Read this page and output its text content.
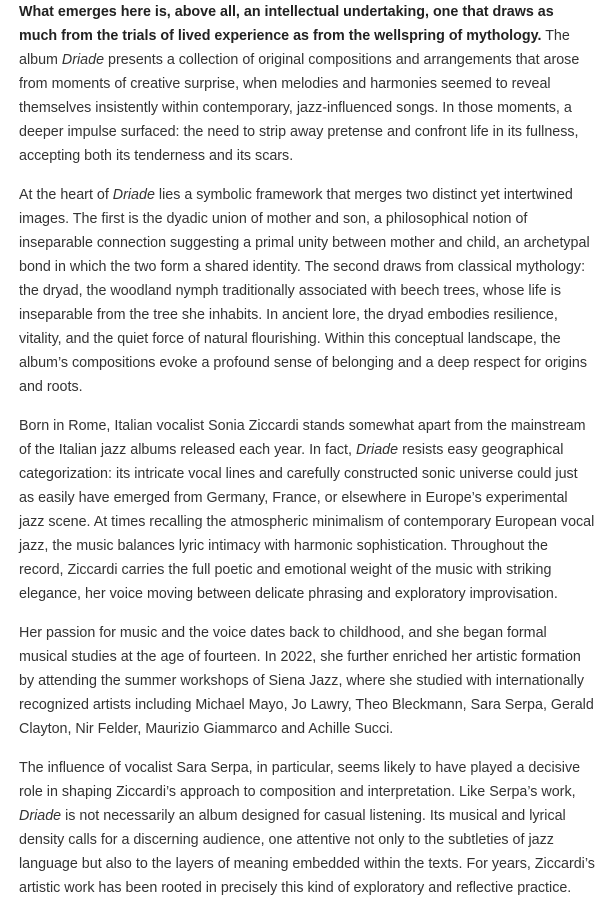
What emerges here is, above all, an intellectual undertaking, one that draws as much from the trials of lived experience as from the wellspring of mythology. The album Driade presents a collection of original compositions and arrangements that arose from moments of creative surprise, when melodies and harmonies seemed to reveal themselves insistently within contemporary, jazz-influenced songs. In those moments, a deeper impulse surfaced: the need to strip away pretense and confront life in its fullness, accepting both its tenderness and its scars.

At the heart of Driade lies a symbolic framework that merges two distinct yet intertwined images. The first is the dyadic union of mother and son, a philosophical notion of inseparable connection suggesting a primal unity between mother and child, an archetypal bond in which the two form a shared identity. The second draws from classical mythology: the dryad, the woodland nymph traditionally associated with beech trees, whose life is inseparable from the tree she inhabits. In ancient lore, the dryad embodies resilience, vitality, and the quiet force of natural flourishing. Within this conceptual landscape, the album’s compositions evoke a profound sense of belonging and a deep respect for origins and roots.

Born in Rome, Italian vocalist Sonia Ziccardi stands somewhat apart from the mainstream of the Italian jazz albums released each year. In fact, Driade resists easy geographical categorization: its intricate vocal lines and carefully constructed sonic universe could just as easily have emerged from Germany, France, or elsewhere in Europe’s experimental jazz scene. At times recalling the atmospheric minimalism of contemporary European vocal jazz, the music balances lyric intimacy with harmonic sophistication. Throughout the record, Ziccardi carries the full poetic and emotional weight of the music with striking elegance, her voice moving between delicate phrasing and exploratory improvisation.

Her passion for music and the voice dates back to childhood, and she began formal musical studies at the age of fourteen. In 2022, she further enriched her artistic formation by attending the summer workshops of Siena Jazz, where she studied with internationally recognized artists including Michael Mayo, Jo Lawry, Theo Bleckmann, Sara Serpa, Gerald Clayton, Nir Felder, Maurizio Giammarco and Achille Succi.

The influence of vocalist Sara Serpa, in particular, seems likely to have played a decisive role in shaping Ziccardi’s approach to composition and interpretation. Like Serpa’s work, Driade is not necessarily an album designed for casual listening. Its musical and lyrical density calls for a discerning audience, one attentive not only to the subtleties of jazz language but also to the layers of meaning embedded within the texts. For years, Ziccardi’s artistic work has been rooted in precisely this kind of exploratory and reflective practice.
